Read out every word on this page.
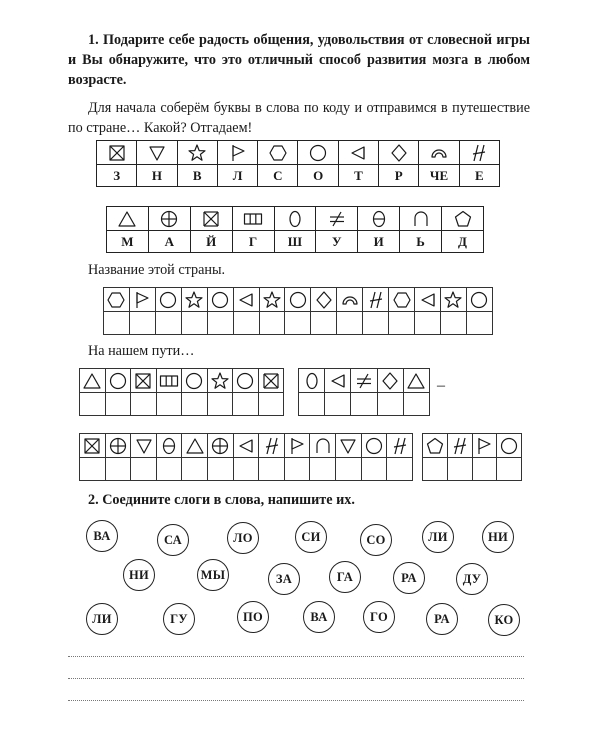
1. Подарите себе радость общения, удовольствия от словесной игры и Вы обнаружите, что это отличный способ развития мозга в любом возрасте.
Для начала соберём буквы в слова по коду и отправимся в путешествие по стране… Какой? Отгадаем!

З	Н	В	Л	С	О	Т	Р	ЧЕ	Е

М	А	Й	Г	Ш	У	И	Ь	Д
Название этой страны.

На нашем пути…

–

2. Соедините слоги в слова, напишите их.
ВА	СА	ЛО	СИ	СО	ЛИ	НИ
НИ	МЫ	ЗА	ГА	РА	ДУ
ЛИ	ГУ	ПО	ВА	ГО	РА	КО
